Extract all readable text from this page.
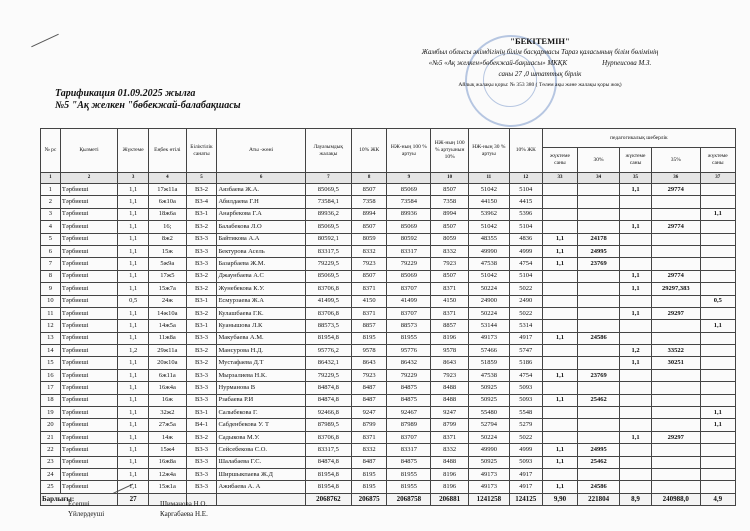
Тарификация 01.09.2025 жылға
№5 "Ақ желкен "бөбекжай-балабақшасы
"БЕКІТЕМІН"
Жамбыл облысы әкімдігінің білім басқармасы Тараз қаласының білім бөлімінің
«№5 «Ақ желкен»бөбекжай-бақшасы» МКҚК	Нурпеисова М.З.
саны 27 ,0 штаттық бірлік
Айлық жалақы қоры: № 353 380 ( Төлем ақы және жалақы қоры жоқ)
№ рс	Қызметі	Жүктеме	Еңбек өтілі	Біліктілік санаты	Аты -жөні	Лауазымдық жалақы	10% ЖК	НЖ-ның 100 % артуы	НЖ-ның 100 % артуынын 10%	НЖ-ның 30 % артуы	10% ЖК	педагогикалық шеберлік				
												жүктеме саны	30%	жүктеме саны	35%	жүктеме саны
1	2	3	4	5	6	7	8	9	10	11	12	33	34	35	36	37
1	Тәрбиеші	1,1	17ж11а	В3-2	Аязбаева Ж.А.	85069,5	8507	85069	8507	51042	5104			1,1	29774	
2	Тәрбиеші	1,1	6ж10а	В3-4	Абилдаева Г.Н	73584,1	7358	73584	7358	44150	4415					
3	Тәрбиеші	1,1	18ж6а	В3-1	Анарбекова Г.А	89936,2	8994	89936	8994	53962	5396					1,1
4	Тәрбиеші	1,1	16;	В3-2	Балабекова Л.О	85069,5	8507	85069	8507	51042	5104			1,1	29774	
5	Тәрбиеші	1,1	8ж2	В3-3	Байтикова А.А	80592,1	8059	80592	8059	48355	4836	1,1	24178			
6	Тәрбиеші	1,1	15ж	В3-3	Бектурова Асель	83317,5	8332	83317	8332	49990	4999	1,1	24995			
7	Тәрбиеші	1,1	5ж9а	В3-3	Базарбаева Ж.М.	79229,5	7923	79229	7923	47538	4754	1,1	23769			
8	Тәрбиеші	1,1	17ж5	В3-2	Джаунбаева А.С	85069,5	8507	85069	8507	51042	5104			1,1	29774	
9	Тәрбиеші	1,1	15ж7а	В3-2	Жунебекова К.У.	83706,8	8371	83707	8371	50224	5022			1,1	29297,383	
10	Тәрбиеші	0,5	24ж	В3-1	Есмурзаева Ж.А	41499,5	4150	41499	4150	24900	2490					0,5
11	Тәрбиеші	1,1	14ж10а	В3-2	Кулашбаева Г.К.	83706,8	8371	83707	8371	50224	5022			1,1	29297	
12	Тәрбиеші	1,1	14ж5а	В3-1	Куанышова Л.К	88573,5	8857	88573	8857	53144	5314					1,1
13	Тәрбиеші	1,1	11ж8а	В3-3	Макубаева А.М.	81954,8	8195	81955	8196	49173	4917	1,1	24586			
14	Тәрбиеші	1,2	29ж11а	В3-2	Мансурова Н.Д.	95776,2	9578	95776	9578	57466	5747			1,2	33522	
15	Тәрбиеші	1,1	20ж10а	В3-2	Мустафаева Д.Т	86432,1	8643	86432	8643	51859	5186			1,1	30251	
16	Тәрбиеші	1,1	6ж11а	В3-3	Мырзалиева Н.К.	79229,5	7923	79229	7923	47538	4754	1,1	23769			
17	Тәрбиеші	1,1	16ж4а	В3-3	Нурманова В	84874,8	8487	84875	8488	50925	5093					
18	Тәрбиеші	1,1	16ж	В3-3	Рзабаева Р.И	84874,8	8487	84875	8488	50925	5093	1,1	25462			
19	Тәрбиеші	1,1	32ж2	В3-1	Салыбекова Г.	92466,8	9247	92467	9247	55480	5548					1,1
20	Тәрбиеші	1,1	27ж5а	В4-1	Сабденбекова У. Т	87989,5	8799	87989	8799	52794	5279					1,1
21	Тәрбиеші	1,1	14ж	В3-2	Садыкова М.У.	83706,8	8371	83707	8371	50224	5022			1,1	29297	
22	Тәрбиеші	1,1	15ж4	В3-3	Сейсебекова С.О.	83317,5	8332	83317	8332	49990	4999	1,1	24995			
23	Тәрбиеші	1,1	16ж8а	В3-3	Шалабаева Г.С.	84874,8	8487	84875	8488	50925	5093	1,1	25462			
24	Тәрбиеші	1,1	12ж4а	В3-3	Ширшыкпаева Ж.Д	81954,8	8195	81955	8196	49173	4917					
25	Тәрбиеші	1,1	15ж1а	В3-3	Ажибаева А. А	81954,8	8195	81955	8196	49173	4917	1,1	24586			
Барлығы:		27				2068762	206875	2068758	206881	1241258	124125	9,90	221804	8,9	240988,0	4,9
Есепші	Шиманова Н.О.
Үйлердеуші	Каргабаева Н.Е.
